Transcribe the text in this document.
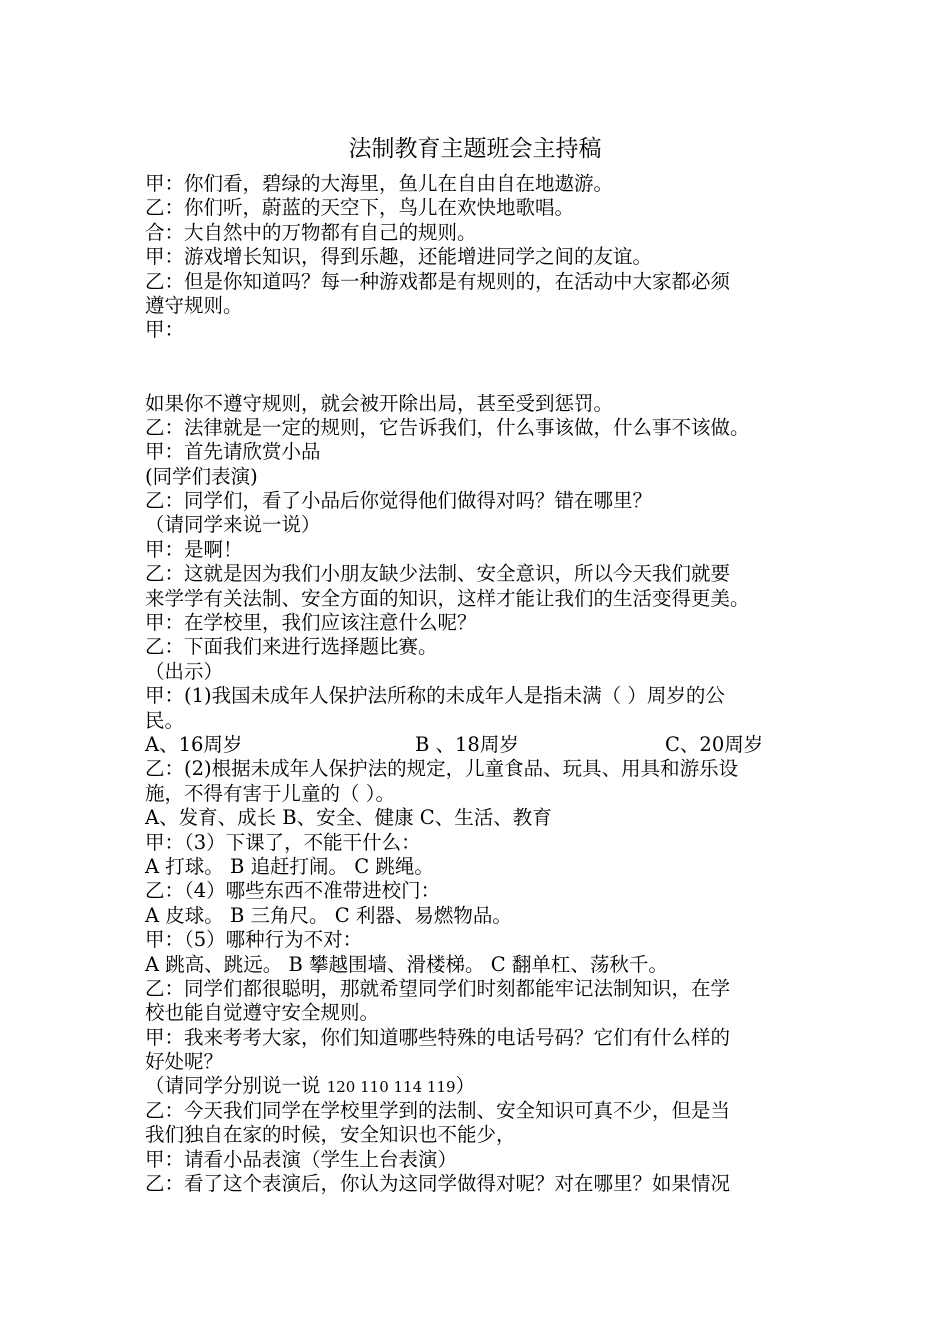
法制教育主题班会主持稿
甲：你们看，碧绿的大海里，鱼儿在自由自在地遨游。
乙：你们听，蔚蓝的天空下，鸟儿在欢快地歌唱。
合：大自然中的万物都有自己的规则。
甲：游戏增长知识，得到乐趣，还能增进同学之间的友谊。
乙：但是你知道吗？每一种游戏都是有规则的，在活动中大家都必须
遵守规则。
甲：
如果你不遵守规则，就会被开除出局，甚至受到惩罚。
乙：法律就是一定的规则，它告诉我们，什么事该做，什么事不该做。
甲：首先请欣赏小品
(同学们表演)
乙：同学们，看了小品后你觉得他们做得对吗？错在哪里？
（请同学来说一说）
甲：是啊！
乙：这就是因为我们小朋友缺少法制、安全意识，所以今天我们就要
来学学有关法制、安全方面的知识，这样才能让我们的生活变得更美。
甲：在学校里，我们应该注意什么呢？
乙：下面我们来进行选择题比赛。
（出示）
甲：(1)我国未成年人保护法所称的未成年人是指未满（ ）周岁的公
民。
A、16周岁	B 、18周岁	C、20周岁
乙：(2)根据未成年人保护法的规定，儿童食品、玩具、用具和游乐设
施，不得有害于儿童的（ ）。
A、发育、成长 B、安全、健康 C、生活、教育
甲：（3）下课了，不能干什么：
A 打球。 B 追赶打闹。 C 跳绳。
乙：（4）哪些东西不准带进校门：
A 皮球。 B 三角尺。 C 利器、易燃物品。
甲：（5）哪种行为不对：
A 跳高、跳远。 B 攀越围墙、滑楼梯。 C 翻单杠、荡秋千。
乙：同学们都很聪明，那就希望同学们时刻都能牢记法制知识，在学
校也能自觉遵守安全规则。
甲：我来考考大家，你们知道哪些特殊的电话号码？它们有什么样的
好处呢？
（请同学分别说一说 120 110 114 119）
乙：今天我们同学在学校里学到的法制、安全知识可真不少，但是当
我们独自在家的时候，安全知识也不能少，
甲：请看小品表演（学生上台表演）
乙：看了这个表演后，你认为这同学做得对呢？对在哪里？如果情况
